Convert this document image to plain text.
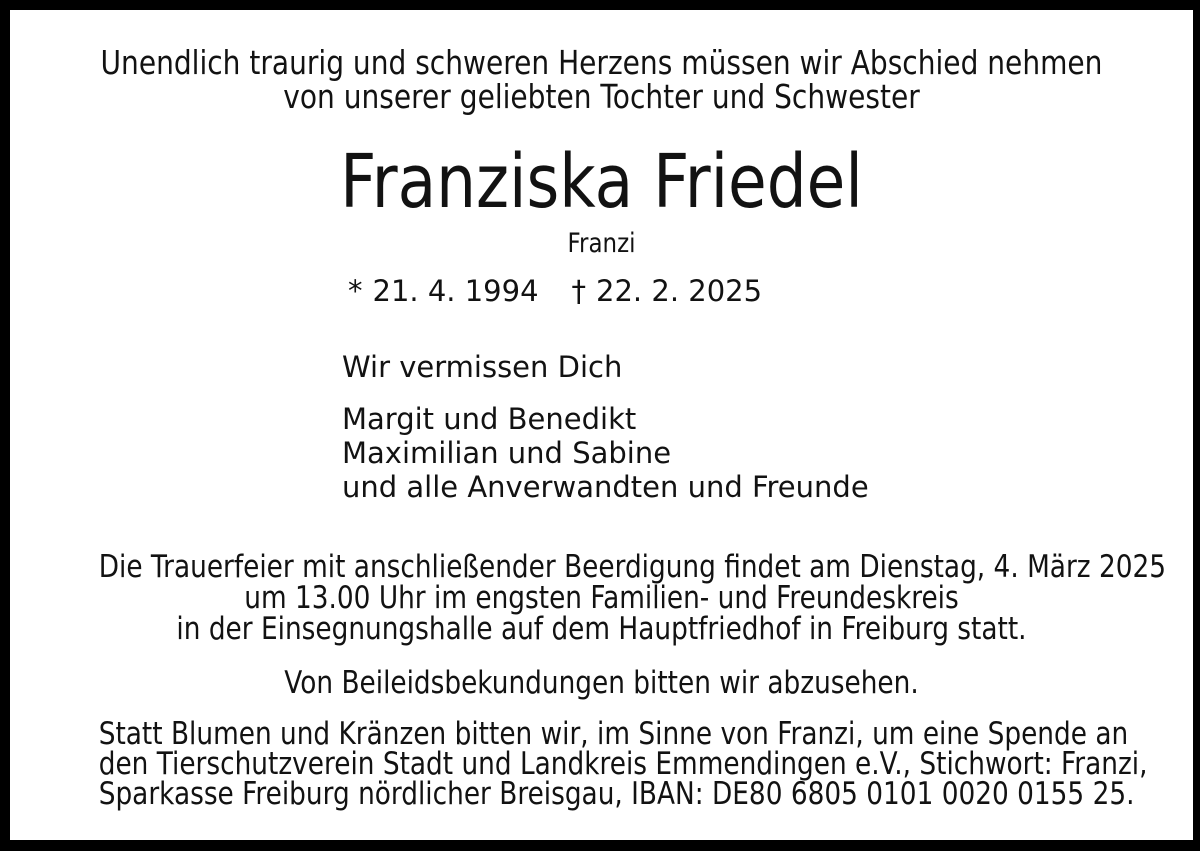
Unendlich traurig und schweren Herzens müssen wir Abschied nehmen
von unserer geliebten Tochter und Schwester
Franziska Friedel
Franzi
* 21. 4. 1994 † 22. 2. 2025
Wir vermissen Dich
Margit und Benedikt
Maximilian und Sabine
und alle Anverwandten und Freunde
Die Trauerfeier mit anschließender Beerdigung findet am Dienstag, 4. März 2025
um 13.00 Uhr im engsten Familien- und Freundeskreis
in der Einsegnungshalle auf dem Hauptfriedhof in Freiburg statt.
Von Beileidsbekundungen bitten wir abzusehen.
Statt Blumen und Kränzen bitten wir, im Sinne von Franzi, um eine Spende an
den Tierschutzverein Stadt und Landkreis Emmendingen e.V., Stichwort: Franzi,
Sparkasse Freiburg nördlicher Breisgau, IBAN: DE80 6805 0101 0020 0155 25.
